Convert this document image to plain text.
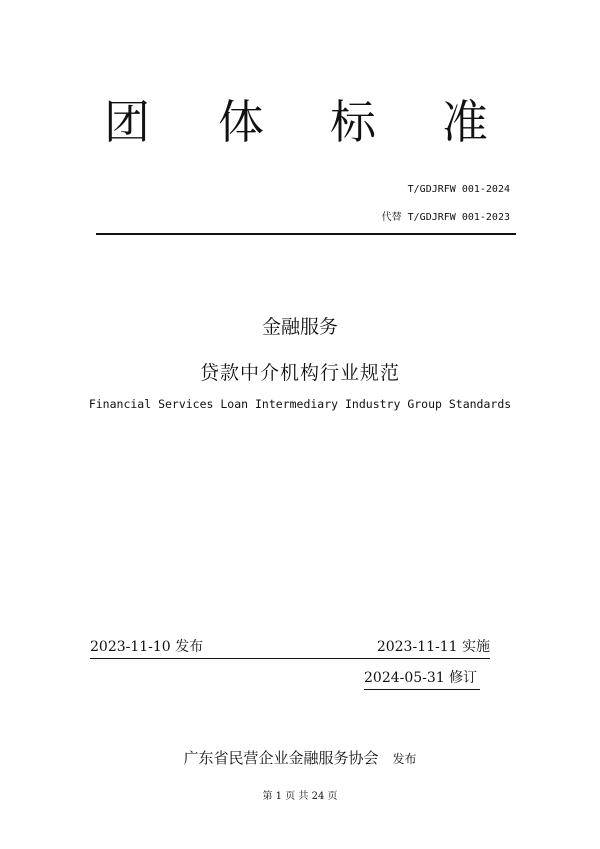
团 体 标 准
T/GDJRFW 001-2024
代替 T/GDJRFW 001-2023
金融服务
贷款中介机构行业规范
Financial Services Loan Intermediary Industry Group Standards
2023-11-10 发布	2023-11-11 实施
2024-05-31 修订
广东省民营企业金融服务协会 发布
第 1 页 共 24 页
